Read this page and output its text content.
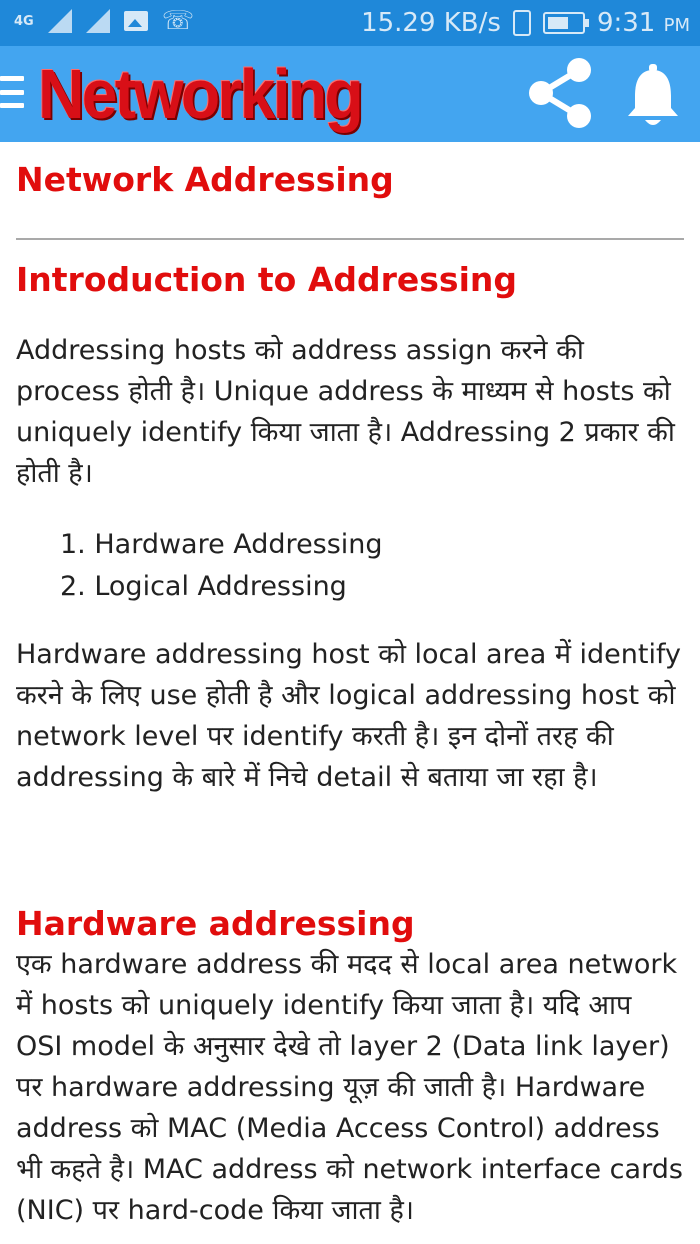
4G	☏	15.29 KB/s	9:31 PM
Networking
Network Addressing
Introduction to Addressing

Addressing hosts को address assign करने की process होती है। Unique address के माध्यम से hosts को uniquely identify किया जाता है। Addressing 2 प्रकार की होती है।

1. Hardware Addressing
2. Logical Addressing

Hardware addressing host को local area में identify करने के लिए use होती है और logical addressing host को network level पर identify करती है। इन दोनों तरह की addressing के बारे में निचे detail से बताया जा रहा है।

Hardware addressing

एक hardware address की मदद से local area network में hosts को uniquely identify किया जाता है। यदि आप OSI model के अनुसार देखे तो layer 2 (Data link layer) पर hardware addressing यूज़ की जाती है। Hardware address को MAC (Media Access Control) address भी कहते है। MAC address को network interface cards (NIC) पर hard-code किया जाता है।
